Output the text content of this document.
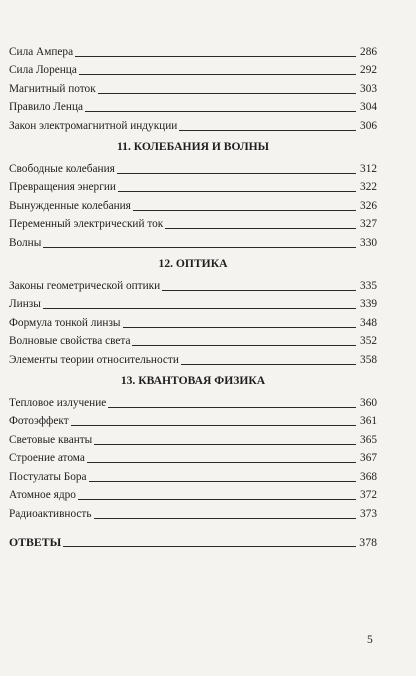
Сила Ампера	286
Сила Лоренца	292
Магнитный поток	303
Правило Ленца	304
Закон электромагнитной индукции	306
11. КОЛЕБАНИЯ И ВОЛНЫ
Свободные колебания	312
Превращения энергии	322
Вынужденные колебания	326
Переменный электрический ток	327
Волны	330
12. ОПТИКА
Законы геометрической оптики	335
Линзы	339
Формула тонкой линзы	348
Волновые свойства света	352
Элементы теории относительности	358
13. КВАНТОВАЯ ФИЗИКА
Тепловое излучение	360
Фотоэффект	361
Световые кванты	365
Строение атома	367
Постулаты Бора	368
Атомное ядро	372
Радиоактивность	373
ОТВЕТЫ	378
5
